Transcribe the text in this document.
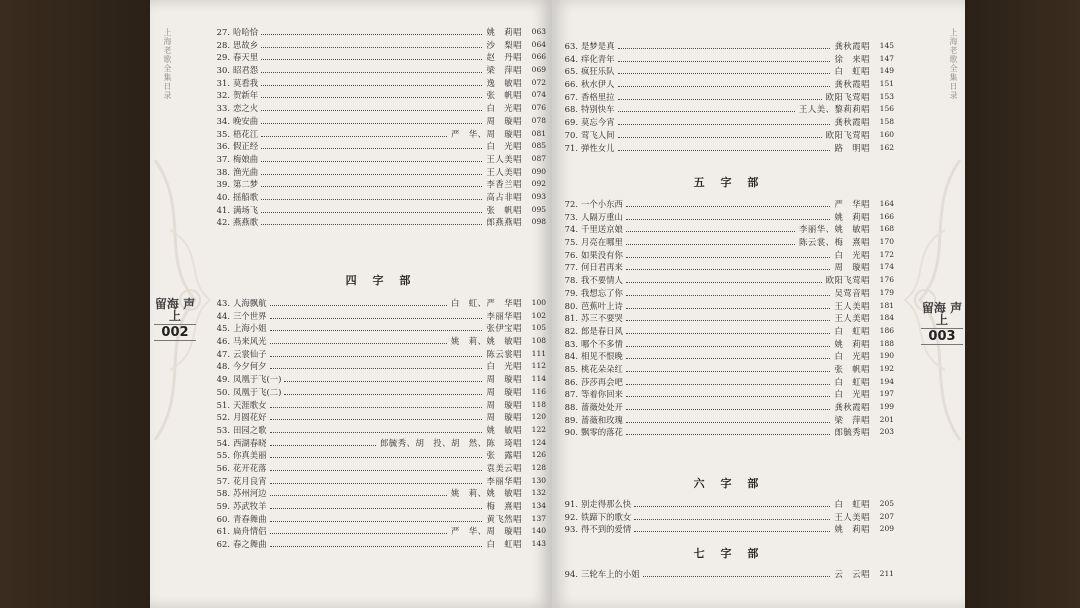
上海老歌全集日录
留海 声上
002
27. 哈哈恰	姚　莉唱	063
28. 思故乡	沙　梨唱	064
29. 春天里	赵　丹唱	066
30. 昭君怨	梁　萍唱	069
31. 莫看我	逸　敏唱	072
32. 贺新年	张　帆唱	074
33. 恋之火	白　光唱	076
34. 晚安曲	周　璇唱	078
35. 梧花江	严　华、周　璇唱	081
36. 假正经	白　光唱	085
37. 梅娘曲	王人美唱	087
38. 渔光曲	王人美唱	090
39. 第二梦	李香兰唱	092
40. 摇船歌	高占非唱	093
41. 满场飞	张　帆唱	095
42. 燕燕歌	郎燕燕唱	098
四 字 部
43. 人海飘航	白　虹、严　华唱	100
44. 三个世界	李丽华唱	102
45. 上海小姐	张伊宝唱	105
46. 马来风光	姚　莉、姚　敏唱	108
47. 云裳仙子	陈云裳唱	111
48. 今夕何夕	白　光唱	112
49. 凤凰于飞(一)	周　璇唱	114
50. 凤凰于飞(二)	周　璇唱	116
51. 天涯歌女	周　璇唱	118
52. 月圆花好	周　璇唱	120
53. 田园之歌	姚　敏唱	122
54. 西湖春晓	郎毓秀、胡　投、胡　然、陈　琦唱	124
55. 你真美丽	张　露唱	126
56. 花开花落	袁美云唱	128
57. 花月良宵	李丽华唱	130
58. 苏州河边	姚　莉、姚　敏唱	132
59. 苏武牧羊	梅　熹唱	134
60. 青春舞曲	黄飞然唱	137
61. 扁舟情侣	严　华、周　璇唱	140
62. 春之舞曲	白　虹唱	143
上海老歌全集日录
留海 声上
003
63. 是梦是真	龚秋霞唱	145
64. 痒化青年	徐　来唱	147
65. 疯狂乐队	白　虹唱	149
66. 秋水伊人	龚秋霞唱	151
67. 香格里拉	欧阳飞莺唱	153
68. 特别快车	王人美、黎莉莉唱	156
69. 莫忘今宵	龚秋霞唱	158
70. 莺飞人间	欧阳飞莺唱	160
71. 弹性女儿	路　明唱	162
五 字 部
72. 一个小东西	严　华唱	164
73. 人隔万重山	姚　莉唱	166
74. 千里送京娘	李丽华、姚　敏唱	168
75. 月亮在哪里	陈云裳、梅　熹唱	170
76. 如果没有你	白　光唱	172
77. 何日君再来	周　璇唱	174
78. 我不要情人	欧阳飞莺唱	176
79. 我想忘了你	吴莺音唱	179
80. 芭蕉叶上诗	王人美唱	181
81. 苏三不要哭	王人美唱	184
82. 郎是春日风	白　虹唱	186
83. 哪个不多情	姚　莉唱	188
84. 相见不恨晚	白　光唱	190
85. 桃花朵朵红	张　帆唱	192
86. 莎莎再会吧	白　虹唱	194
87. 等着你回来	白　光唱	197
88. 蔷薇处处开	龚秋霞唱	199
89. 蔷薇和玫瑰	梁　萍唱	201
90. 飘零的落花	郎毓秀唱	203
六 字 部
91. 别走得那么快	白　虹唱	205
92. 铁蹄下的歌女	王人美唱	207
93. 得不到的爱情	姚　莉唱	209
七 字 部
94. 三轮车上的小姐	云　云唱	211
